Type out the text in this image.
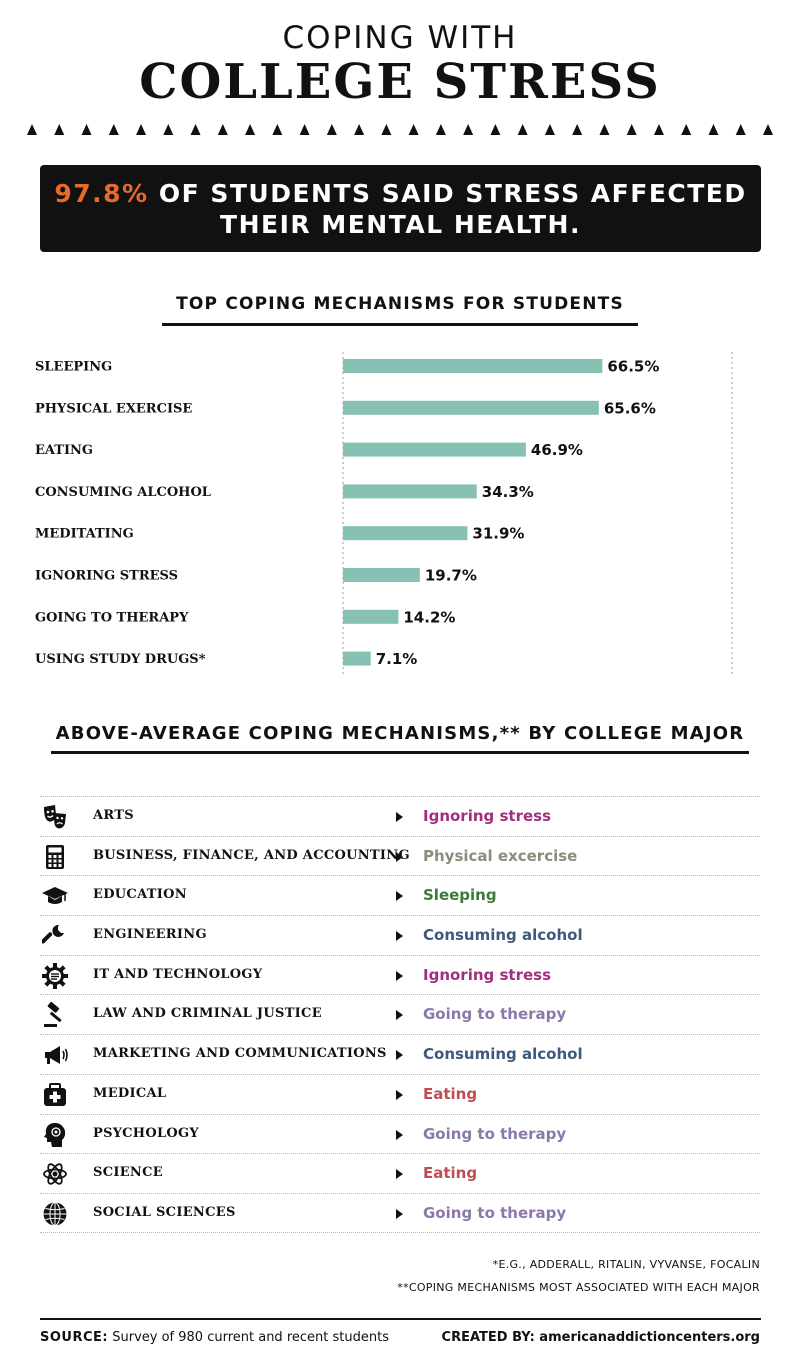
COPING WITH
COLLEGE STRESS
97.8% OF STUDENTS SAID STRESS AFFECTED
THEIR MENTAL HEALTH.
TOP COPING MECHANISMS FOR STUDENTS
SLEEPING	66.5%
PHYSICAL EXERCISE	65.6%
EATING	46.9%
CONSUMING ALCOHOL	34.3%
MEDITATING	31.9%
IGNORING STRESS	19.7%
GOING TO THERAPY	14.2%
USING STUDY DRUGS*	7.1%
ABOVE-AVERAGE COPING MECHANISMS,** BY COLLEGE MAJOR
ARTS	Ignoring stress
BUSINESS, FINANCE, AND ACCOUNTING Physical excercise
EDUCATION	Sleeping
ENGINEERING	Consuming alcohol
IT AND TECHNOLOGY	Ignoring stress
LAW AND CRIMINAL JUSTICE	Going to therapy
MARKETING AND COMMUNICATIONS Consuming alcohol
MEDICAL	Eating
PSYCHOLOGY	Going to therapy
SCIENCE	Eating
SOCIAL SCIENCES	Going to therapy
*E.G., ADDERALL, RITALIN, VYVANSE, FOCALIN
**COPING MECHANISMS MOST ASSOCIATED WITH EACH MAJOR
SOURCE: Survey of 980 current and recent students	CREATED BY: americanaddictioncenters.org
